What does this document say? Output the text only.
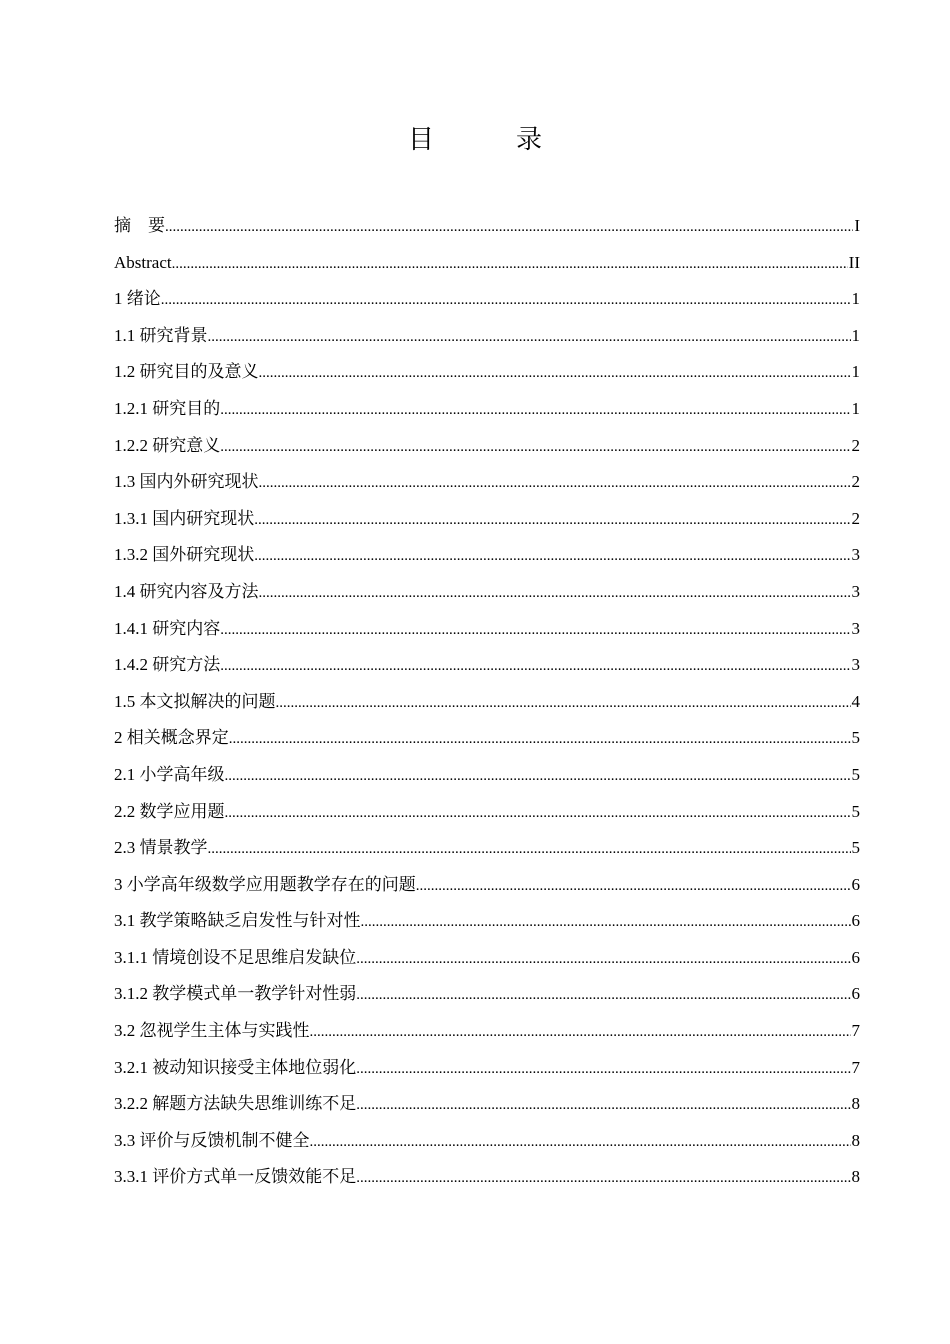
目　录
摘　要 .....	I
Abstract .....	II
1 绪论 .....	1
1.1 研究背景 .....	1
1.2 研究目的及意义 .....	1
1.2.1 研究目的 .....	1
1.2.2 研究意义 .....	2
1.3 国内外研究现状 .....	2
1.3.1 国内研究现状 .....	2
1.3.2 国外研究现状 .....	3
1.4 研究内容及方法 .....	3
1.4.1 研究内容 .....	3
1.4.2 研究方法 .....	3
1.5 本文拟解决的问题 .....	4
2 相关概念界定 .....	5
2.1 小学高年级 .....	5
2.2 数学应用题 .....	5
2.3 情景教学 .....	5
3 小学高年级数学应用题教学存在的问题 .....	6
3.1 教学策略缺乏启发性与针对性 .....	6
3.1.1 情境创设不足思维启发缺位 .....	6
3.1.2 教学模式单一教学针对性弱 .....	6
3.2 忽视学生主体与实践性 .....	7
3.2.1 被动知识接受主体地位弱化 .....	7
3.2.2 解题方法缺失思维训练不足 .....	8
3.3 评价与反馈机制不健全 .....	8
3.3.1 评价方式单一反馈效能不足 .....	8
